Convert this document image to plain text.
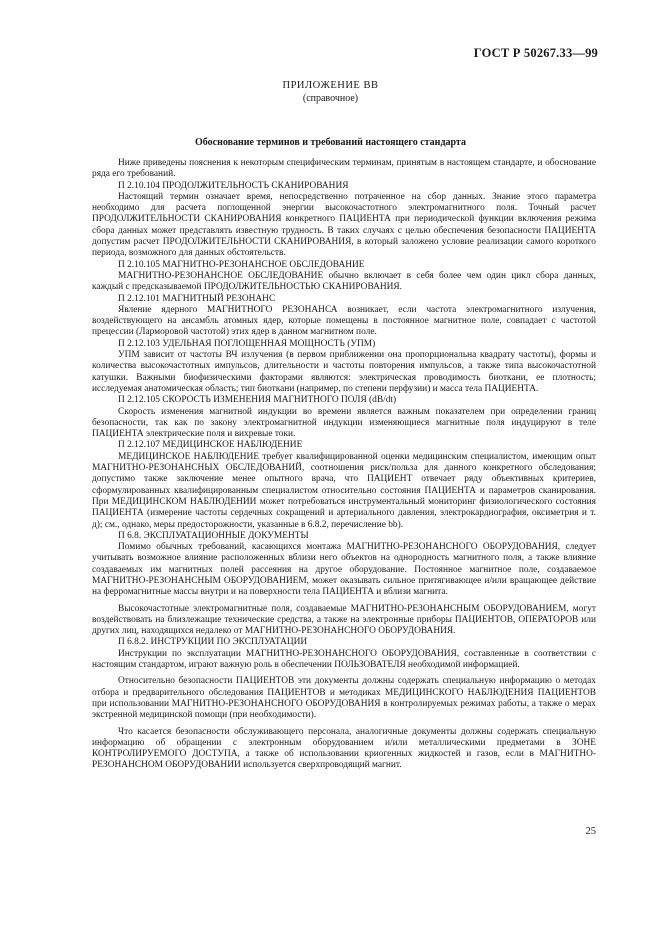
ГОСТ Р 50267.33—99
ПРИЛОЖЕНИЕ ВВ
(справочное)
Обоснование терминов и требований настоящего стандарта

Ниже приведены пояснения к некоторым специфическим терминам, принятым в настоящем стандарте, и обоснование ряда его требований.

П 2.10.104 ПРОДОЛЖИТЕЛЬНОСТЬ СКАНИРОВАНИЯ

Настоящий термин означает время, непосредственно потраченное на сбор данных. Знание этого параметра необходимо для расчета поглощенной энергии высокочастотного электромагнитного поля. Точный расчет ПРОДОЛЖИТЕЛЬНОСТИ СКАНИРОВАНИЯ конкретного ПАЦИЕНТА при периодической функции включения режима сбора данных может представлять известную трудность. В таких случаях с целью обеспечения безопасности ПАЦИЕНТА допустим расчет ПРОДОЛЖИТЕЛЬНОСТИ СКАНИРОВАНИЯ, в который заложено условие реализации самого короткого периода, возможного для данных обстоятельств.

П 2.10.105 МАГНИТНО-РЕЗОНАНСНОЕ ОБСЛЕДОВАНИЕ

МАГНИТНО-РЕЗОНАНСНОЕ ОБСЛЕДОВАНИЕ обычно включает в себя более чем один цикл сбора данных, каждый с предсказываемой ПРОДОЛЖИТЕЛЬНОСТЬЮ СКАНИРОВАНИЯ.

П 2.12.101 МАГНИТНЫЙ РЕЗОНАНС

Явление ядерного МАГНИТНОГО РЕЗОНАНСА возникает, если частота электромагнитного излучения, воздействующего на ансамбль атомных ядер, которые помещены в постоянное магнитное поле, совпадает с частотой прецессии (Ларморовой частотой) этих ядер в данном магнитном поле.

П 2.12.103 УДЕЛЬНАЯ ПОГЛОЩЕННАЯ МОЩНОСТЬ (УПМ)

УПМ зависит от частоты ВЧ излучения (в первом приближении она пропорциональна квадрату частоты), формы и количества высокочастотных импульсов, длительности и частоты повторения импульсов, а также типа высокочастотной катушки. Важными биофизическими факторами являются: электрическая проводимость биоткани, ее плотность; исследуемая анатомическая область; тип биоткани (например, по степени перфузии) и масса тела ПАЦИЕНТА.

П 2.12.105 СКОРОСТЬ ИЗМЕНЕНИЯ МАГНИТНОГО ПОЛЯ (dB/dt)

Скорость изменения магнитной индукции во времени является важным показателем при определении границ безопасности, так как по закону электромагнитной индукции изменяющиеся магнитные поля индуцируют в теле ПАЦИЕНТА электрические поля и вихревые токи.

П 2.12.107 МЕДИЦИНСКОЕ НАБЛЮДЕНИЕ

МЕДИЦИНСКОЕ НАБЛЮДЕНИЕ требует квалифицированной оценки медицинским специалистом, имеющим опыт МАГНИТНО-РЕЗОНАНСНЫХ ОБСЛЕДОВАНИЙ, соотношения риск/польза для данного конкретного обследования; допустимо также заключение менее опытного врача, что ПАЦИЕНТ отвечает ряду объективных критериев, сформулированных квалифицированным специалистом относительно состояния ПАЦИЕНТА и параметров сканирования. При МЕДИЦИНСКОМ НАБЛЮДЕНИИ может потребоваться инструментальный мониторинг физиологического состояния ПАЦИЕНТА (измерение частоты сердечных сокращений и артериального давления, электрокардиография, оксиметрия и т. д); см., однако, меры предосторожности, указанные в 6.8.2, перечисление bb).

П 6.8. ЭКСПЛУАТАЦИОННЫЕ ДОКУМЕНТЫ

Помимо обычных требований, касающихся монтажа МАГНИТНО-РЕЗОНАНСНОГО ОБОРУДОВАНИЯ, следует учитывать возможное влияние расположенных вблизи него объектов на однородность магнитного поля, а также влияние создаваемых им магнитных полей рассеяния на другое оборудование. Постоянное магнитное поле, создаваемое МАГНИТНО-РЕЗОНАНСНЫМ ОБОРУДОВАНИЕМ, может оказывать сильное притягивающее и/или вращающее действие на ферромагнитные массы внутри и на поверхности тела ПАЦИЕНТА и вблизи магнита.

Высокочастотные электромагнитные поля, создаваемые МАГНИТНО-РЕЗОНАНСНЫМ ОБОРУДОВАНИЕМ, могут воздействовать на близлежащие технические средства, а также на электронные приборы ПАЦИЕНТОВ, ОПЕРАТОРОВ или других лиц, находящихся недалеко от МАГНИТНО-РЕЗОНАНСНОГО ОБОРУДОВАНИЯ.

П 6.8.2. ИНСТРУКЦИИ ПО ЭКСПЛУАТАЦИИ

Инструкции по эксплуатации МАГНИТНО-РЕЗОНАНСНОГО ОБОРУДОВАНИЯ, составленные в соответствии с настоящим стандартом, играют важную роль в обеспечении ПОЛЬЗОВАТЕЛЯ необходимой информацией.

Относительно безопасности ПАЦИЕНТОВ эти документы должны содержать специальную информацию о методах отбора и предварительного обследования ПАЦИЕНТОВ и методиках МЕДИЦИНСКОГО НАБЛЮДЕНИЯ ПАЦИЕНТОВ при использовании МАГНИТНО-РЕЗОНАНСНОГО ОБОРУДОВАНИЯ в контролируемых режимах работы, а также о мерах экстренной медицинской помощи (при необходимости).

Что касается безопасности обслуживающего персонала, аналогичные документы должны содержать специальную информацию об обращении с электронным оборудованием и/или металлическими предметами в ЗОНЕ КОНТРОЛИРУЕМОГО ДОСТУПА, а также об использовании криогенных жидкостей и газов, если в МАГНИТНО-РЕЗОНАНСНОМ ОБОРУДОВАНИИ используется сверхпроводящий магнит.

25
